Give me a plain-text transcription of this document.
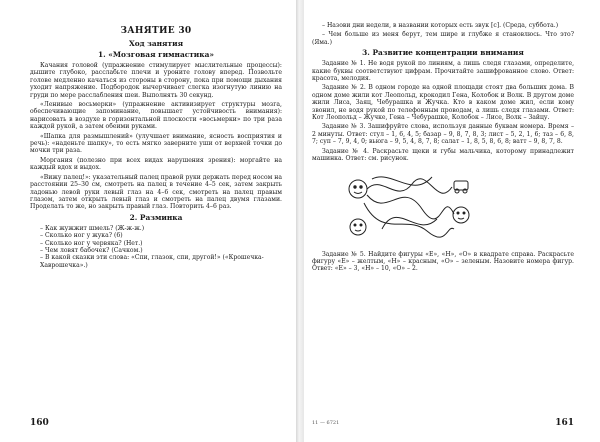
ЗАНЯТИЕ 30
Ход занятия
1. «Мозговая гимнастика»

Качания головой (упражнение стимулирует мыслительные процессы): дышите глубоко, расслабьте плечи и уроните голову вперед. Позвольте голове медленно качаться из стороны в сторону, пока при помощи дыхания уходит напряжение. Подбородок вычерчивает слегка изогнутую линию на груди по мере расслабления шеи. Выполнять 30 секунд.

«Ленивые восьмерки» (упражнение активизирует структуры мозга, обеспечивающие запоминание, повышает устойчивость внимания): нарисовать в воздухе в горизонтальной плоскости «восьмерки» по три раза каждой рукой, а затем обеими руками.

«Шапка для размышлений» (улучшает внимание, ясность восприятия и речь): «наденьте шапку», то есть мягко заверните уши от верхней точки до мочки три раза.

Моргания (полезно при всех видах нарушения зрения): моргайте на каждый вдох и выдох.

«Вижу палец!»: указательный палец правой руки держать перед носом на расстоянии 25–30 см, смотреть на палец в течение 4–5 сек, затем закрыть ладонью левой руки левый глаз на 4–6 сек, смотреть на палец правым глазом, затем открыть левый глаз и смотреть на палец двумя глазами. Проделать то же, но закрыть правый глаз. Повторить 4–6 раз.

2. Разминка
– Как жужжит шмель? (Ж-ж-ж.)
– Сколько ног у жука? (6)
– Сколько ног у червяка? (Нет.)
– Чем ловят бабочек? (Сачком.)
– В какой сказки эти слова: «Спи, глазок, спи, другой!» («Крошечка-Хаврошечка».)
160

– Назови дни недели, в названии которых есть звук [с]. (Среда, суббота.)

– Чем больше из меня берут, тем шире и глубже я становлюсь. Что это? (Яма.)

3. Развитие концентрации внимания

Задание № 1. Не водя рукой по линиям, а лишь следя глазами, определите, какие буквы соответствуют цифрам. Прочитайте зашифрованное слово. Ответ: красота, мелодия.

Задание № 2. В одном городе на одной площади стоят два больших дома. В одном доме жили кот Леопольд, крокодил Гена, Колобок и Волк. В другом доме жили Лиса, Заяц, Чебурашка и Жучка. Кто в каком доме жил, если кому звонил, не водя рукой по телефонным проводам, а лишь следя глазами. Ответ: Кот Леопольд – Жучке, Гена – Чебурашке, Колобок – Лисе, Волк – Зайцу.

Задание № 3. Зашифруйте слова, используя данные буквам номера. Время – 2 минуты. Ответ: стул – 1, 6, 4, 5; базар – 9, 8, 7, 8, 3; лист – 5, 2, 1, 6; таз – 6, 8, 7; суп – 7, 9, 4, 0; вьюга – 9, 5, 4, 8, 7, 8; салат – 1, 8, 5, 8, 6, 8; ватт – 9, 8, 7, 8.

Задание № 4. Раскрасьте щеки и губы мальчика, которому принадлежит машинка. Ответ: см. рисунок.

Задание № 5. Найдите фигуры «Е», «Н», «О» в квадрате справа. Раскрасьте фигуру «Е» – желтым, «Н» – красным, «О» – зеленым. Назовите номера фигур. Ответ: «Е» – 3, «Н» – 10, «О» – 2.

11 — 6721	161
